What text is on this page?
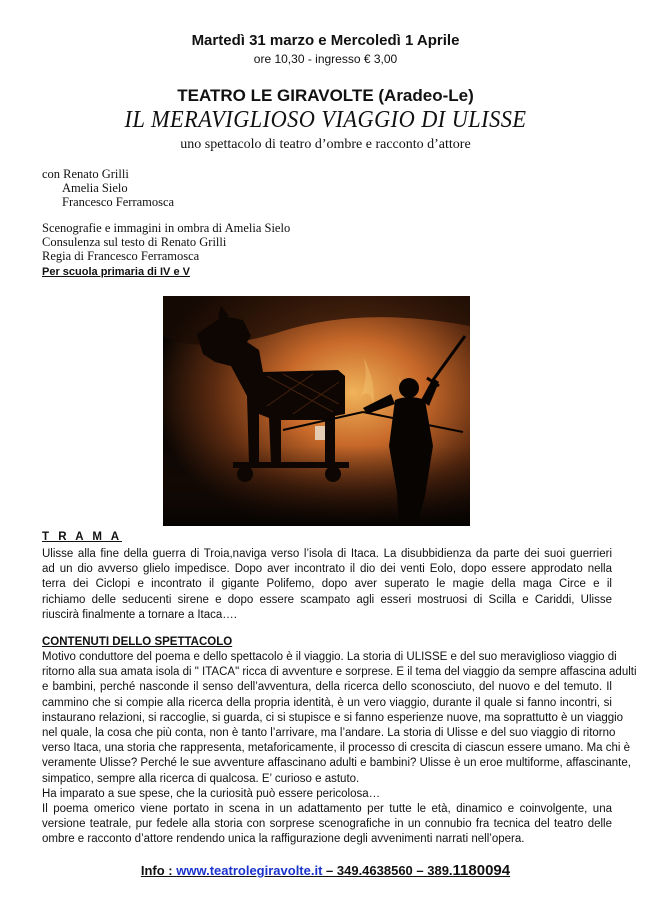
Martedì 31 marzo e Mercoledì 1 Aprile
ore 10,30 - ingresso € 3,00
TEATRO LE GIRAVOLTE (Aradeo-Le)
IL MERAVIGLIOSO VIAGGIO DI ULISSE
uno spettacolo di teatro d’ombre e racconto d’attore
con Renato Grilli
Amelia Sielo
Francesco Ferramosca
Scenografie e immagini in ombra di Amelia Sielo
Consulenza sul testo di Renato Grilli
Regia di Francesco Ferramosca
Per scuola primaria di IV e V
T R A M A
Ulisse alla fine della guerra di Troia,naviga verso l’isola di Itaca. La disubbidienza da parte dei suoi guerrieri
ad un dio avverso glielo impedisce. Dopo aver incontrato il dio dei venti Eolo, dopo essere approdato nella
terra dei Ciclopi e incontrato il gigante Polifemo, dopo aver superato le magie della maga Circe e il
richiamo delle seducenti sirene e dopo essere scampato agli esseri mostruosi di Scilla e Cariddi, Ulisse
riuscirà finalmente a tornare a Itaca….
CONTENUTI DELLO SPETTACOLO
Motivo conduttore del poema e dello spettacolo è il viaggio. La storia di ULISSE e del suo meraviglioso viaggio di
ritorno alla sua amata isola di " ITACA" ricca di avventure e sorprese. E il tema del viaggio da sempre affascina adulti
e bambini, perché nasconde il senso dell’avventura, della ricerca dello sconosciuto, del nuovo e del temuto. Il
cammino che si compie alla ricerca della propria identità, è un vero viaggio, durante il quale si fanno incontri, si
instaurano relazioni, si raccoglie, si guarda, ci si stupisce e si fanno esperienze nuove, ma soprattutto è un viaggio
nel quale, la cosa che più conta, non è tanto l’arrivare, ma l’andare. La storia di Ulisse e del suo viaggio di ritorno
verso Itaca, una storia che rappresenta, metaforicamente, il processo di crescita di ciascun essere umano. Ma chi è
veramente Ulisse? Perché le sue avventure affascinano adulti e bambini? Ulisse è un eroe multiforme, affascinante,
simpatico, sempre alla ricerca di qualcosa. E’ curioso e astuto.
Ha imparato a sue spese, che la curiosità può essere pericolosa…
Il poema omerico viene portato in scena in un adattamento per tutte le età, dinamico e coinvolgente, una
versione teatrale, pur fedele alla storia con sorprese scenografiche in un connubio fra tecnica del teatro delle
ombre e racconto d’attore rendendo unica la raffigurazione degli avvenimenti narrati nell’opera.
Info : www.teatrolegiravolte.it – 349.4638560 – 389.1180094
